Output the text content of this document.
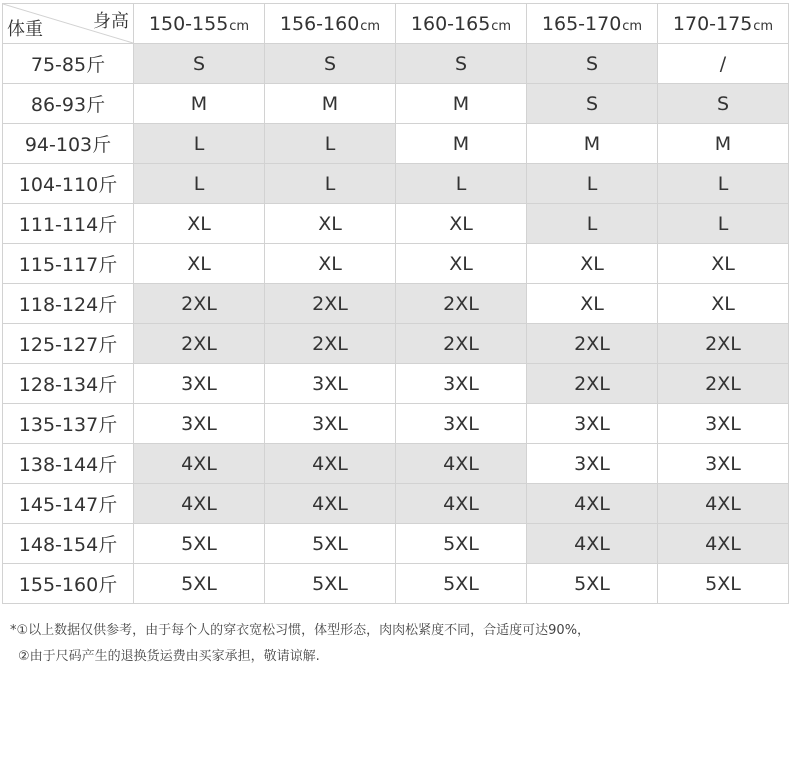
身高
体重	150-155cm	156-160cm	160-165cm	165-170cm	170-175cm
75-85斤	S	S	S	S	/
86-93斤	M	M	M	S	S
94-103斤	L	L	M	M	M
104-110斤	L	L	L	L	L
111-114斤	XL	XL	XL	L	L
115-117斤	XL	XL	XL	XL	XL
118-124斤	2XL	2XL	2XL	XL	XL
125-127斤	2XL	2XL	2XL	2XL	2XL
128-134斤	3XL	3XL	3XL	2XL	2XL
135-137斤	3XL	3XL	3XL	3XL	3XL
138-144斤	4XL	4XL	4XL	3XL	3XL
145-147斤	4XL	4XL	4XL	4XL	4XL
148-154斤	5XL	5XL	5XL	4XL	4XL
155-160斤	5XL	5XL	5XL	5XL	5XL
*①以上数据仅供参考，由于每个人的穿衣宽松习惯，体型形态，肉肉松紧度不同，合适度可达90%，
②由于尺码产生的退换货运费由买家承担，敬请谅解.
